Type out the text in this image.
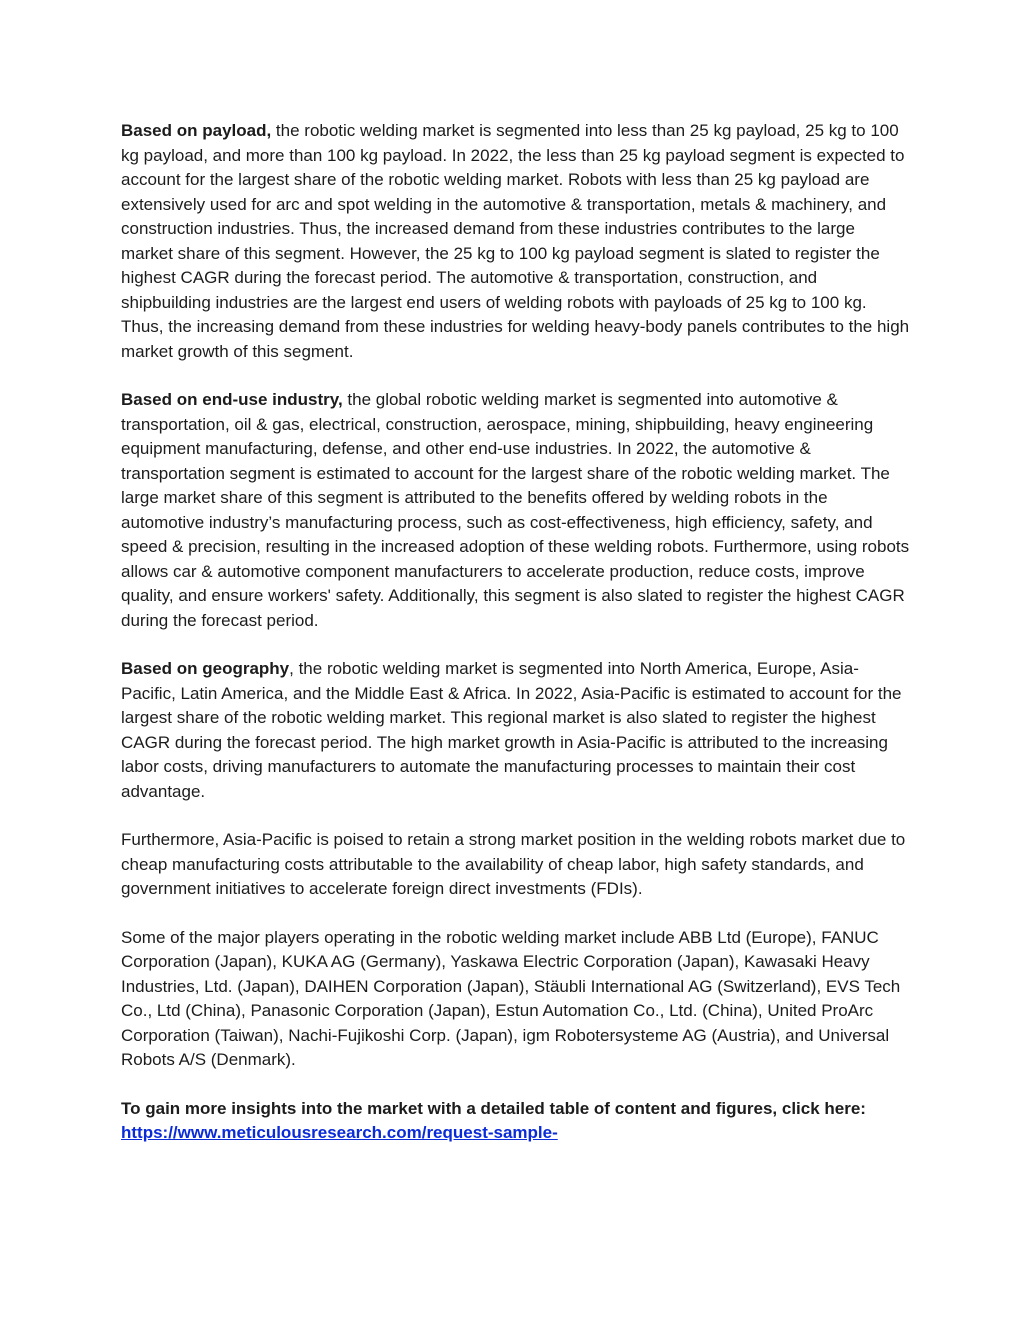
Based on payload, the robotic welding market is segmented into less than 25 kg payload, 25 kg to 100 kg payload, and more than 100 kg payload. In 2022, the less than 25 kg payload segment is expected to account for the largest share of the robotic welding market. Robots with less than 25 kg payload are extensively used for arc and spot welding in the automotive & transportation, metals & machinery, and construction industries. Thus, the increased demand from these industries contributes to the large market share of this segment. However, the 25 kg to 100 kg payload segment is slated to register the highest CAGR during the forecast period. The automotive & transportation, construction, and shipbuilding industries are the largest end users of welding robots with payloads of 25 kg to 100 kg. Thus, the increasing demand from these industries for welding heavy-body panels contributes to the high market growth of this segment.

Based on end-use industry, the global robotic welding market is segmented into automotive & transportation, oil & gas, electrical, construction, aerospace, mining, shipbuilding, heavy engineering equipment manufacturing, defense, and other end-use industries. In 2022, the automotive & transportation segment is estimated to account for the largest share of the robotic welding market. The large market share of this segment is attributed to the benefits offered by welding robots in the automotive industry’s manufacturing process, such as cost-effectiveness, high efficiency, safety, and speed & precision, resulting in the increased adoption of these welding robots. Furthermore, using robots allows car & automotive component manufacturers to accelerate production, reduce costs, improve quality, and ensure workers' safety. Additionally, this segment is also slated to register the highest CAGR during the forecast period.

Based on geography, the robotic welding market is segmented into North America, Europe, Asia-Pacific, Latin America, and the Middle East & Africa. In 2022, Asia-Pacific is estimated to account for the largest share of the robotic welding market. This regional market is also slated to register the highest CAGR during the forecast period. The high market growth in Asia-Pacific is attributed to the increasing labor costs, driving manufacturers to automate the manufacturing processes to maintain their cost advantage.

Furthermore, Asia-Pacific is poised to retain a strong market position in the welding robots market due to cheap manufacturing costs attributable to the availability of cheap labor, high safety standards, and government initiatives to accelerate foreign direct investments (FDIs).

Some of the major players operating in the robotic welding market include ABB Ltd (Europe), FANUC Corporation (Japan), KUKA AG (Germany), Yaskawa Electric Corporation (Japan), Kawasaki Heavy Industries, Ltd. (Japan), DAIHEN Corporation (Japan), Stäubli International AG (Switzerland), EVS Tech Co., Ltd (China), Panasonic Corporation (Japan), Estun Automation Co., Ltd. (China), United ProArc Corporation (Taiwan), Nachi-Fujikoshi Corp. (Japan), igm Robotersysteme AG (Austria), and Universal Robots A/S (Denmark).

To gain more insights into the market with a detailed table of content and figures, click here: https://www.meticulousresearch.com/request-sample-
